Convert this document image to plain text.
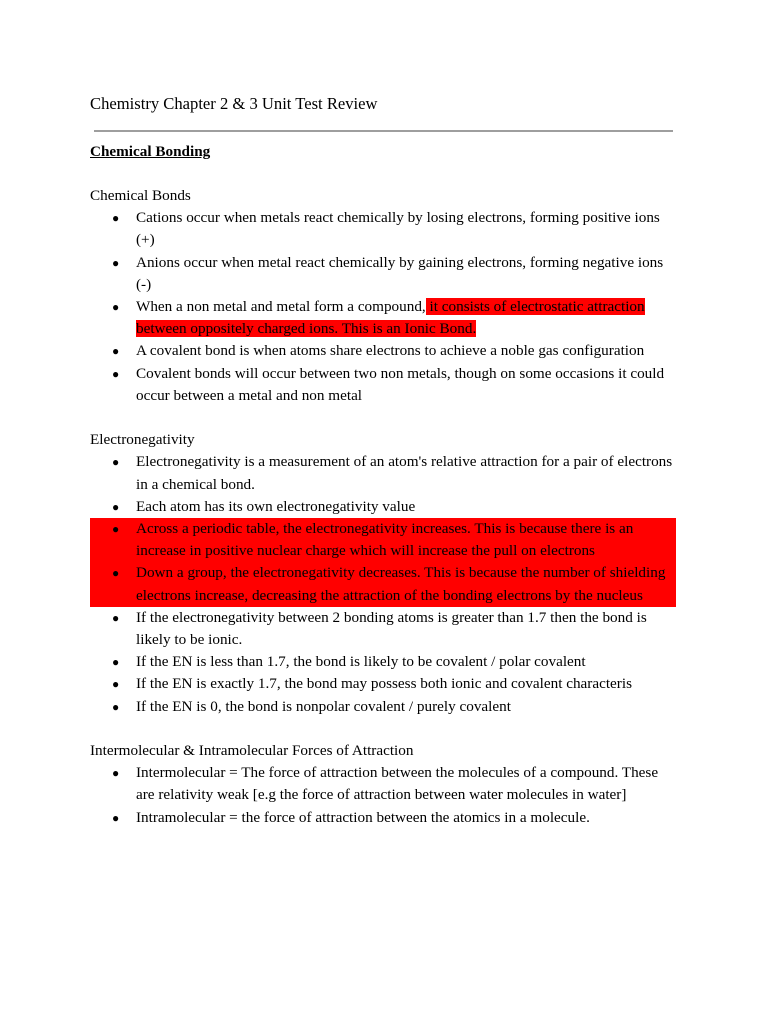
Chemistry Chapter 2 & 3 Unit Test Review
Chemical Bonding

Chemical Bonds

● Cations occur when metals react chemically by losing electrons, forming positive ions (+)
● Anions occur when metal react chemically by gaining electrons, forming negative ions (-)
● When a non metal and metal form a compound, it consists of electrostatic attraction between oppositely charged ions. This is an Ionic Bond.
● A covalent bond is when atoms share electrons to achieve a noble gas configuration
● Covalent bonds will occur between two non metals, though on some occasions it could occur between a metal and non metal

Electronegativity

● Electronegativity is a measurement of an atom's relative attraction for a pair of electrons in a chemical bond.
● Each atom has its own electronegativity value
● Across a periodic table, the electronegativity increases. This is because there is an increase in positive nuclear charge which will increase the pull on electrons
● Down a group, the electronegativity decreases. This is because the number of shielding electrons increase, decreasing the attraction of the bonding electrons by the nucleus
● If the electronegativity between 2 bonding atoms is greater than 1.7 then the bond is likely to be ionic.
● If the EN is less than 1.7, the bond is likely to be covalent / polar covalent
● If the EN is exactly 1.7, the bond may possess both ionic and covalent characteris
● If the EN is 0, the bond is nonpolar covalent / purely covalent

Intermolecular & Intramolecular Forces of Attraction

● Intermolecular = The force of attraction between the molecules of a compound. These are relativity weak [e.g the force of attraction between water molecules in water]
● Intramolecular = the force of attraction between the atomics in a molecule.
